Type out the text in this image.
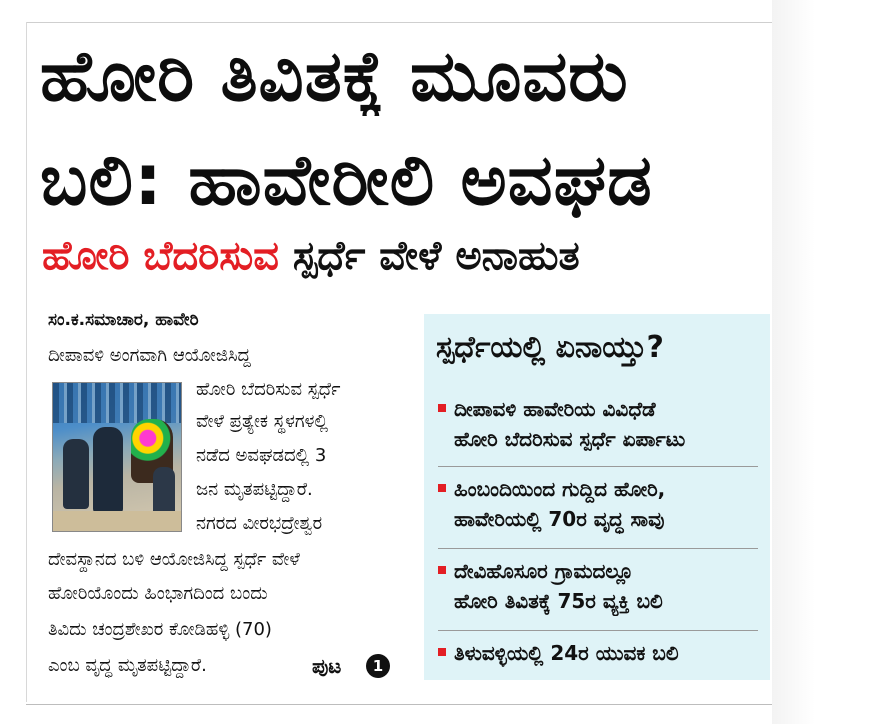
ಹೋರಿ ತಿವಿತಕ್ಕೆ ಮೂವರು
ಬಲಿ: ಹಾವೇರೀಲಿ ಅವಘಡ
ಹೋರಿ ಬೆದರಿಸುವ ಸ್ಪರ್ಧೆ ವೇಳೆ ಅನಾಹುತ
ಸಂ.ಕ.ಸಮಾಚಾರ, ಹಾವೇರಿ
ದೀಪಾವಳಿ ಅಂಗವಾಗಿ ಆಯೋಜಿಸಿದ್ದ
ಹೋರಿ ಬೆದರಿಸುವ ಸ್ಪರ್ಧೆ
ವೇಳೆ ಪ್ರತ್ಯೇಕ ಸ್ಥಳಗಳಲ್ಲಿ
ನಡೆದ ಅವಘಡದಲ್ಲಿ 3
ಜನ ಮೃತಪಟ್ಟಿದ್ದಾರೆ.
ನಗರದ ವೀರಭದ್ರೇಶ್ವರ
ದೇವಸ್ಥಾನದ ಬಳಿ ಆಯೋಜಿಸಿದ್ದ ಸ್ಪರ್ಧೆ ವೇಳೆ
ಹೋರಿಯೊಂದು ಹಿಂಭಾಗದಿಂದ ಬಂದು
ತಿವಿದು ಚಂದ್ರಶೇಖರ ಕೋಡಿಹಳ್ಳಿ (70)
ಎಂಬ ವೃದ್ಧ ಮೃತಪಟ್ಟಿದ್ದಾರೆ.	ಪುಟ	1
ಸ್ಪರ್ಧೆಯಲ್ಲಿ ಏನಾಯ್ತು?
ದೀಪಾವಳಿ ಹಾವೇರಿಯ ವಿವಿಧೆಡೆ
ಹೋರಿ ಬೆದರಿಸುವ ಸ್ಪರ್ಧೆ ಏರ್ಪಾಟು
ಹಿಂಬಂದಿಯಿಂದ ಗುದ್ದಿದ ಹೋರಿ,
ಹಾವೇರಿಯಲ್ಲಿ 70ರ ವೃದ್ಧ ಸಾವು
ದೇವಿಹೊಸೂರ ಗ್ರಾಮದಲ್ಲೂ
ಹೋರಿ ತಿವಿತಕ್ಕೆ 75ರ ವ್ಯಕ್ತಿ ಬಲಿ
ತಿಳುವಳ್ಳಿಯಲ್ಲಿ 24ರ ಯುವಕ ಬಲಿ
